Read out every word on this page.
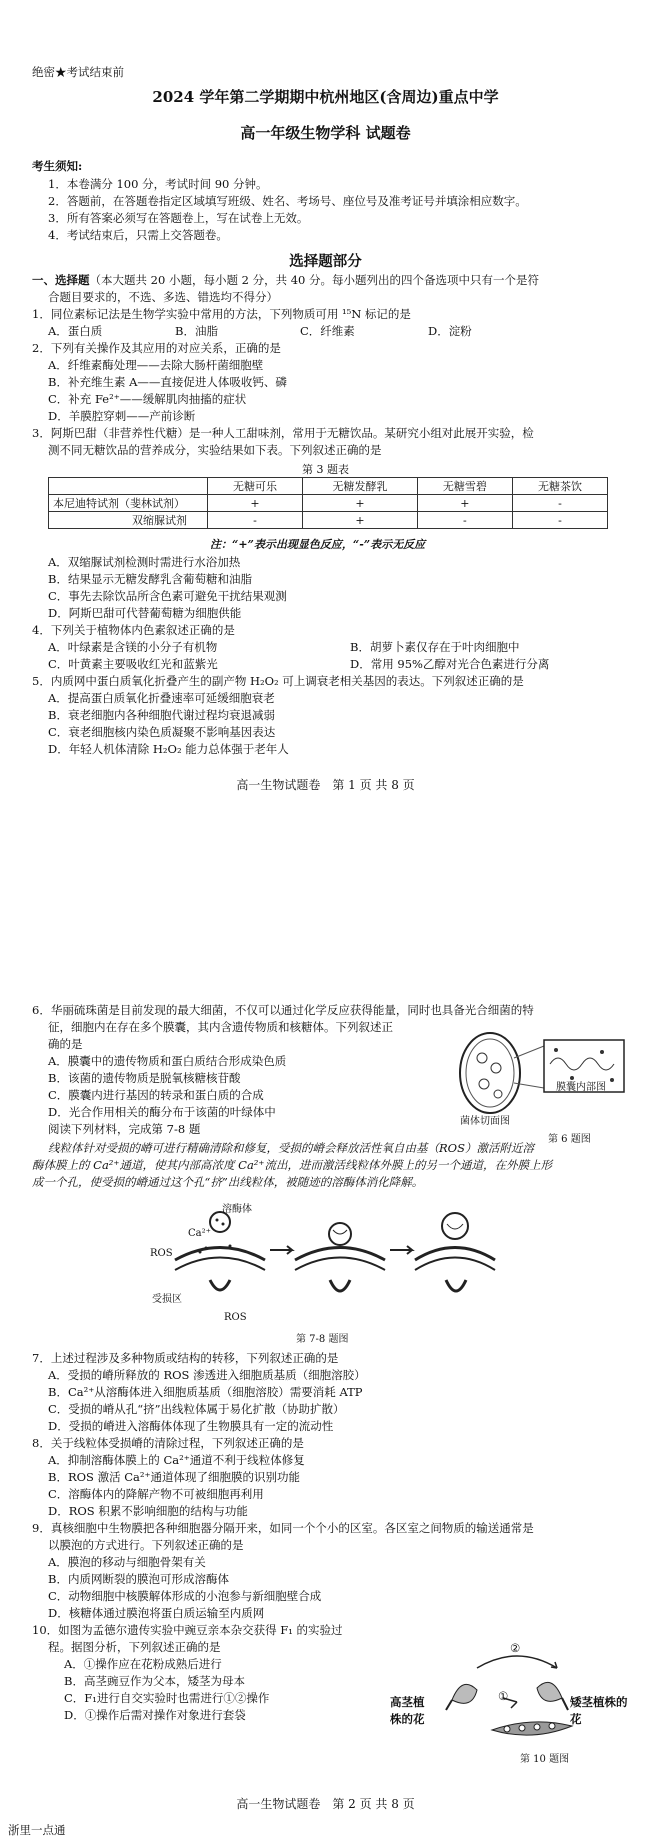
绝密★考试结束前
2024 学年第二学期期中杭州地区(含周边)重点中学
高一年级生物学科 试题卷
考生须知:
1．本卷满分 100 分，考试时间 90 分钟。
2．答题前，在答题卷指定区域填写班级、姓名、考场号、座位号及准考证号并填涂相应数字。
3．所有答案必须写在答题卷上，写在试卷上无效。
4．考试结束后，只需上交答题卷。
选择题部分
一、选择题（本大题共 20 小题，每小题 2 分，共 40 分。每小题列出的四个备选项中只有一个是符
合题目要求的，不选、多选、错选均不得分）
1．同位素标记法是生物学实验中常用的方法，下列物质可用 ¹⁵N 标记的是
A．蛋白质	B．油脂	C．纤维素	D．淀粉
2．下列有关操作及其应用的对应关系，正确的是
A．纤维素酶处理——去除大肠杆菌细胞壁
B．补充维生素 A——直接促进人体吸收钙、磷
C．补充 Fe²⁺——缓解肌肉抽搐的症状
D．羊膜腔穿刺——产前诊断
3．阿斯巴甜（非营养性代糖）是一种人工甜味剂，常用于无糖饮品。某研究小组对此展开实验，检
测不同无糖饮品的营养成分，实验结果如下表。下列叙述正确的是
第 3 题表
	无糖可乐	无糖发酵乳	无糖雪碧	无糖茶饮
本尼迪特试剂（斐林试剂）	+	+	+	-
双缩脲试剂	-	+	-	-
注：“+”表示出现显色反应，“-”表示无反应
A．双缩脲试剂检测时需进行水浴加热
B．结果显示无糖发酵乳含葡萄糖和油脂
C．事先去除饮品所含色素可避免干扰结果观测
D．阿斯巴甜可代替葡萄糖为细胞供能
4．下列关于植物体内色素叙述正确的是
A．叶绿素是含镁的小分子有机物	B．胡萝卜素仅存在于叶肉细胞中
C．叶黄素主要吸收红光和蓝紫光	D．常用 95%乙醇对光合色素进行分离
5．内质网中蛋白质氧化折叠产生的副产物 H₂O₂ 可上调衰老相关基因的表达。下列叙述正确的是
A．提高蛋白质氧化折叠速率可延缓细胞衰老
B．衰老细胞内各种细胞代谢过程均衰退减弱
C．衰老细胞核内染色质凝聚不影响基因表达
D．年轻人机体清除 H₂O₂ 能力总体强于老年人
高一生物试题卷　第 1 页 共 8 页
6．华丽硫珠菌是目前发现的最大细菌，不仅可以通过化学反应获得能量，同时也具备光合细菌的特
征，细胞内在存在多个膜囊，其内含遗传物质和核糖体。下列叙述正
确的是
A．膜囊中的遗传物质和蛋白质结合形成染色质
B．该菌的遗传物质是脱氧核糖核苷酸
C．膜囊内进行基因的转录和蛋白质的合成
D．光合作用相关的酶分布于该菌的叶绿体中
菌体切面图
膜囊内部图
第 6 题图
阅读下列材料，完成第 7-8 题
线粒体针对受损的嵴可进行精确清除和修复，受损的嵴会释放活性氧自由基（ROS）激活附近溶
酶体膜上的 Ca²⁺通道，使其内部高浓度 Ca²⁺流出，进而激活线粒体外膜上的另一个通道，在外膜上形
成一个孔，使受损的嵴通过这个孔“挤”出线粒体，被随迹的溶酶体消化降解。
溶酶体
Ca²⁺
ROS
受损区
ROS
第 7-8 题图
7．上述过程涉及多种物质或结构的转移，下列叙述正确的是
A．受损的嵴所释放的 ROS 渗透进入细胞质基质（细胞溶胶）
B．Ca²⁺从溶酶体进入细胞质基质（细胞溶胶）需要消耗 ATP
C．受损的嵴从孔“挤”出线粒体属于易化扩散（协助扩散）
D．受损的嵴进入溶酶体体现了生物膜具有一定的流动性
8．关于线粒体受损嵴的清除过程，下列叙述正确的是
A．抑制溶酶体膜上的 Ca²⁺通道不利于线粒体修复
B．ROS 激活 Ca²⁺通道体现了细胞膜的识别功能
C．溶酶体内的降解产物不可被细胞再利用
D．ROS 积累不影响细胞的结构与功能
9．真核细胞中生物膜把各种细胞器分隔开来，如同一个个小的区室。各区室之间物质的输送通常是
以膜泡的方式进行。下列叙述正确的是
A．膜泡的移动与细胞骨架有关
B．内质网断裂的膜泡可形成溶酶体
C．动物细胞中核膜解体形成的小泡参与新细胞壁合成
D．核糖体通过膜泡将蛋白质运输至内质网
10．如图为孟德尔遗传实验中豌豆亲本杂交获得 F₁ 的实验过
程。据图分析，下列叙述正确的是
A．①操作应在花粉成熟后进行
B．高茎豌豆作为父本，矮茎为母本
C．F₁进行自交实验时也需进行①②操作
D．①操作后需对操作对象进行套袋
②
①
高茎植
株的花
矮茎植株的花
第 10 题图
高一生物试题卷　第 2 页 共 8 页
浙里一点通
